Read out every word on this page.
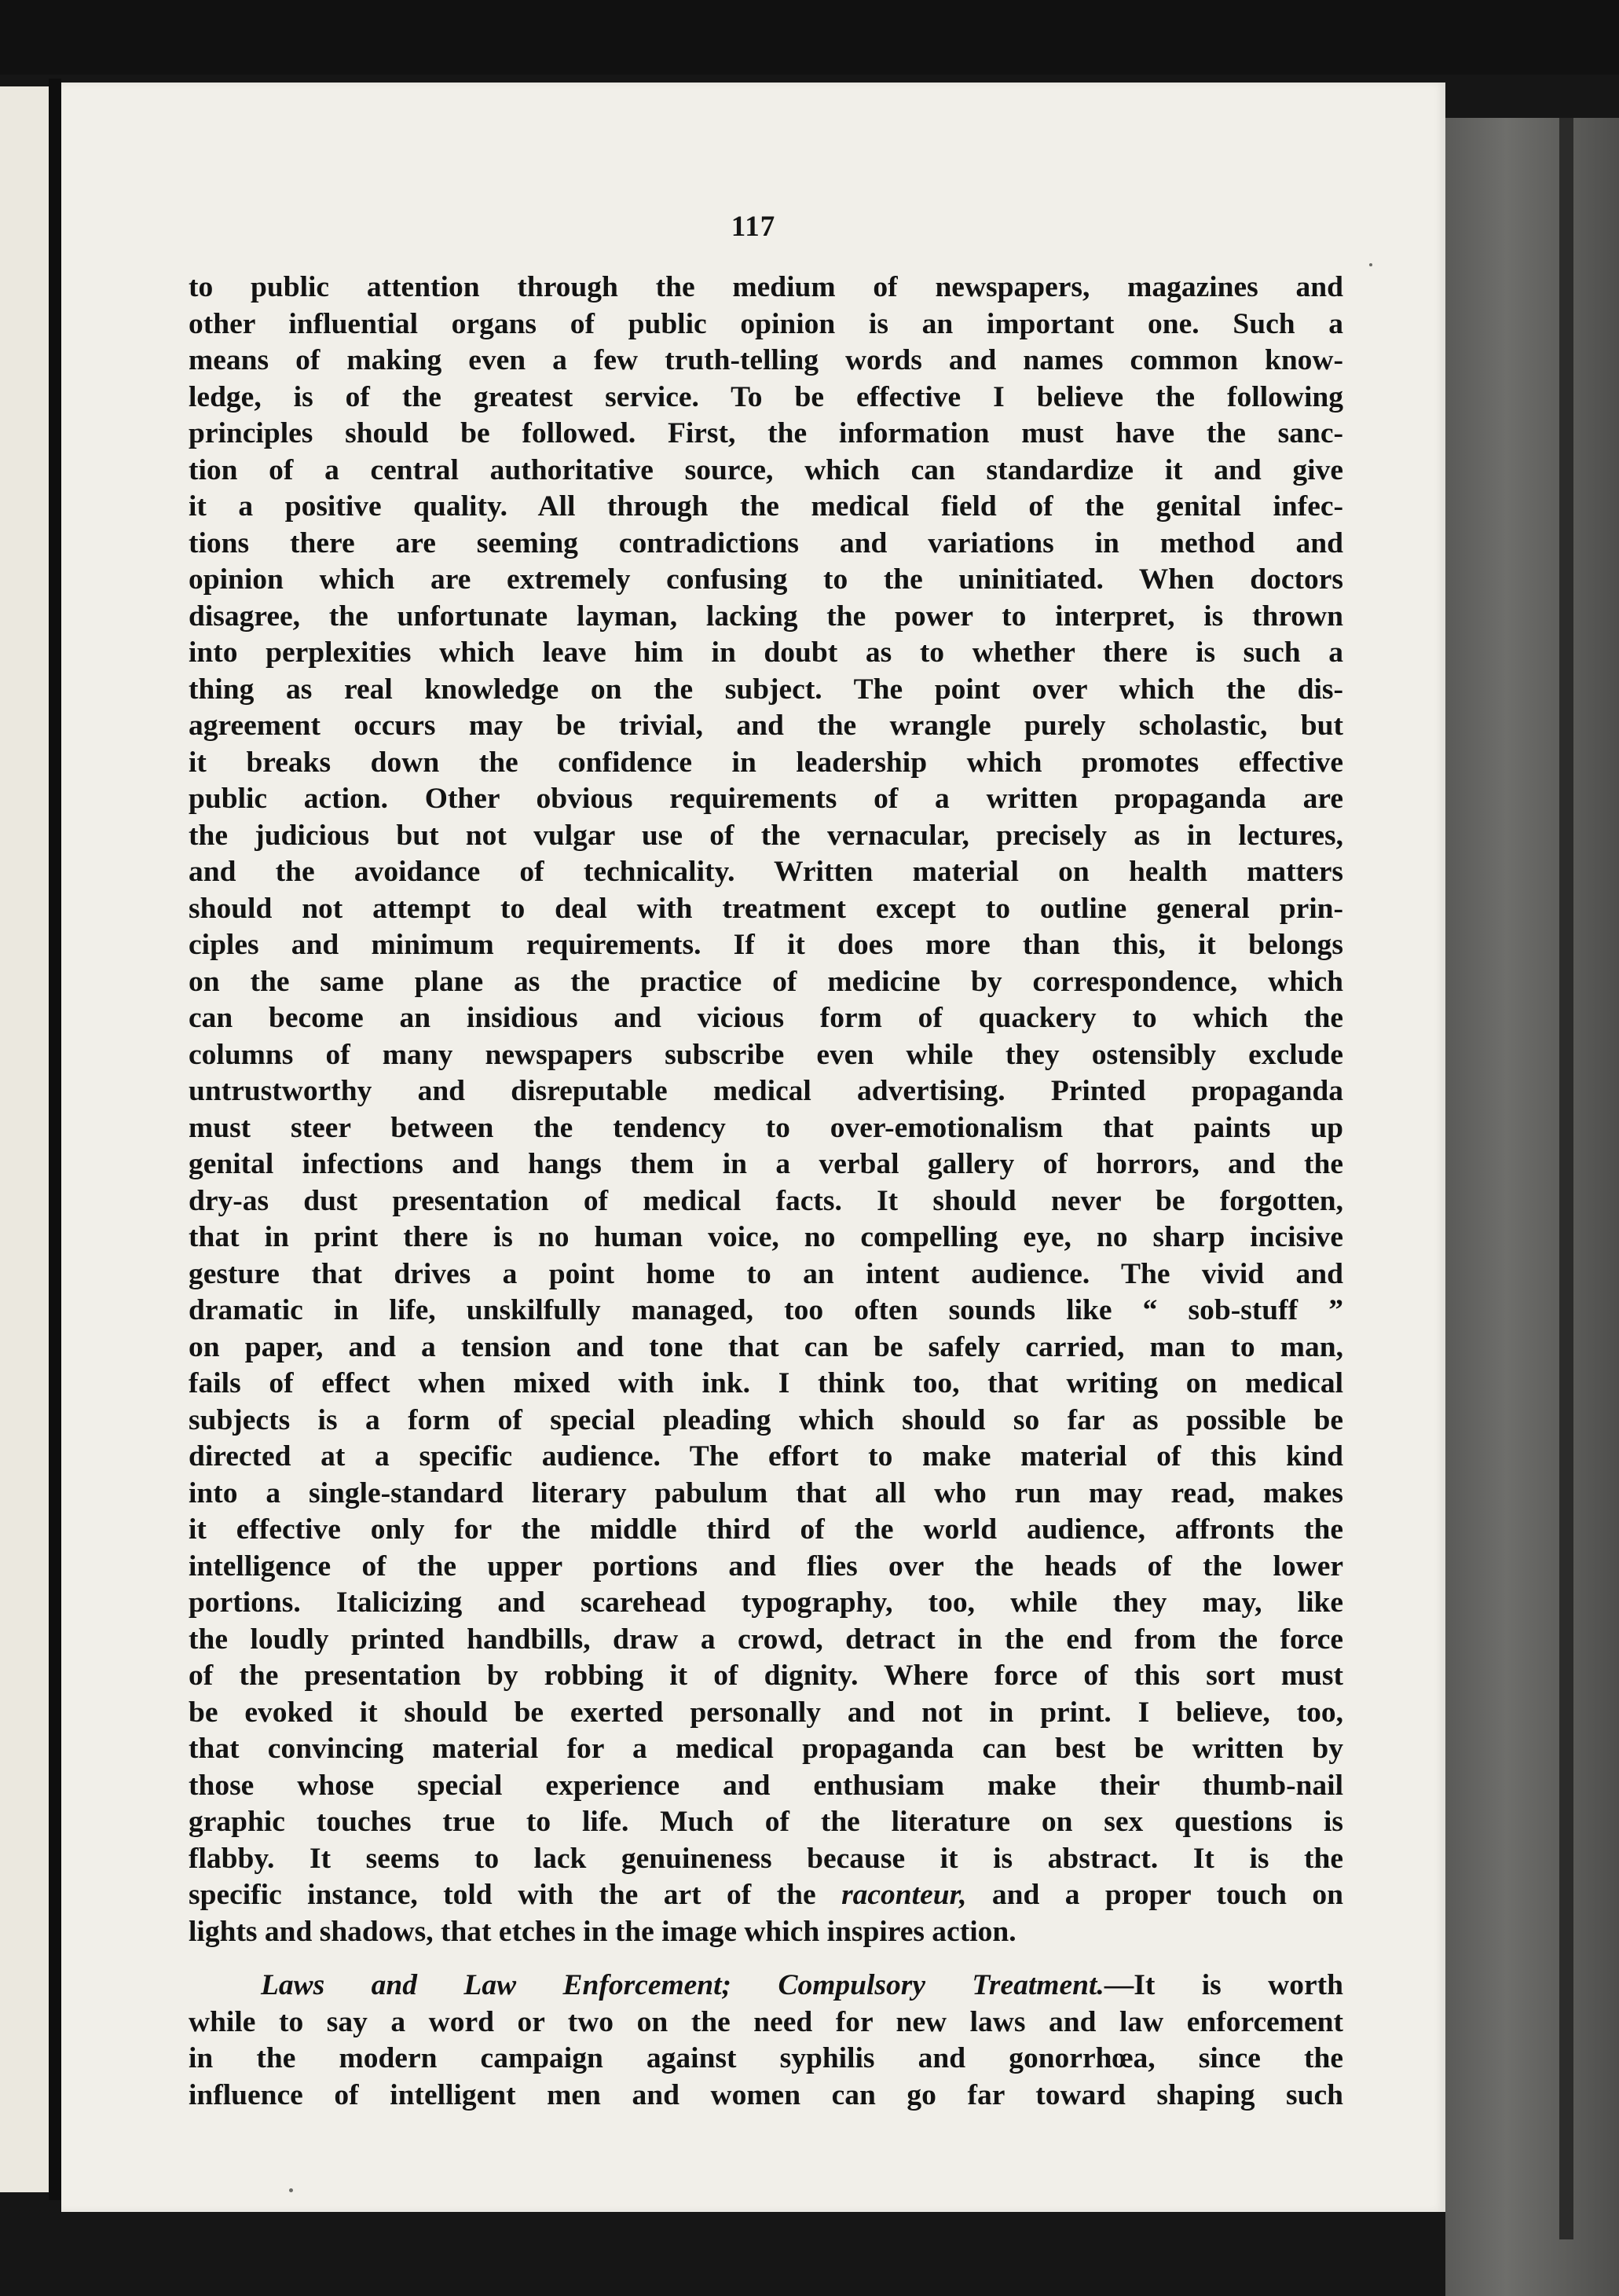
117
to public attention through the medium of newspapers, magazines and
other influential organs of public opinion is an important one. Such a
means of making even a few truth-telling words and names common know-
ledge, is of the greatest service. To be effective I believe the following
principles should be followed. First, the information must have the sanc-
tion of a central authoritative source, which can standardize it and give
it a positive quality. All through the medical field of the genital infec-
tions there are seeming contradictions and variations in method and
opinion which are extremely confusing to the uninitiated. When doctors
disagree, the unfortunate layman, lacking the power to interpret, is thrown
into perplexities which leave him in doubt as to whether there is such a
thing as real knowledge on the subject. The point over which the dis-
agreement occurs may be trivial, and the wrangle purely scholastic, but
it breaks down the confidence in leadership which promotes effective
public action. Other obvious requirements of a written propaganda are
the judicious but not vulgar use of the vernacular, precisely as in lectures,
and the avoidance of technicality. Written material on health matters
should not attempt to deal with treatment except to outline general prin-
ciples and minimum requirements. If it does more than this, it belongs
on the same plane as the practice of medicine by correspondence, which
can become an insidious and vicious form of quackery to which the
columns of many newspapers subscribe even while they ostensibly exclude
untrustworthy and disreputable medical advertising. Printed propaganda
must steer between the tendency to over-emotionalism that paints up
genital infections and hangs them in a verbal gallery of horrors, and the
dry-as dust presentation of medical facts. It should never be forgotten,
that in print there is no human voice, no compelling eye, no sharp incisive
gesture that drives a point home to an intent audience. The vivid and
dramatic in life, unskilfully managed, too often sounds like “ sob-stuff ”
on paper, and a tension and tone that can be safely carried, man to man,
fails of effect when mixed with ink. I think too, that writing on medical
subjects is a form of special pleading which should so far as possible be
directed at a specific audience. The effort to make material of this kind
into a single-standard literary pabulum that all who run may read, makes
it effective only for the middle third of the world audience, affronts the
intelligence of the upper portions and flies over the heads of the lower
portions. Italicizing and scarehead typography, too, while they may, like
the loudly printed handbills, draw a crowd, detract in the end from the force
of the presentation by robbing it of dignity. Where force of this sort must
be evoked it should be exerted personally and not in print. I believe, too,
that convincing material for a medical propaganda can best be written by
those whose special experience and enthusiam make their thumb-nail
graphic touches true to life. Much of the literature on sex questions is
flabby. It seems to lack genuineness because it is abstract. It is the
specific instance, told with the art of the raconteur, and a proper touch on
lights and shadows, that etches in the image which inspires action.
Laws and Law Enforcement; Compulsory Treatment.—It is worth
while to say a word or two on the need for new laws and law enforcement
in the modern campaign against syphilis and gonorrhœa, since the
influence of intelligent men and women can go far toward shaping such
